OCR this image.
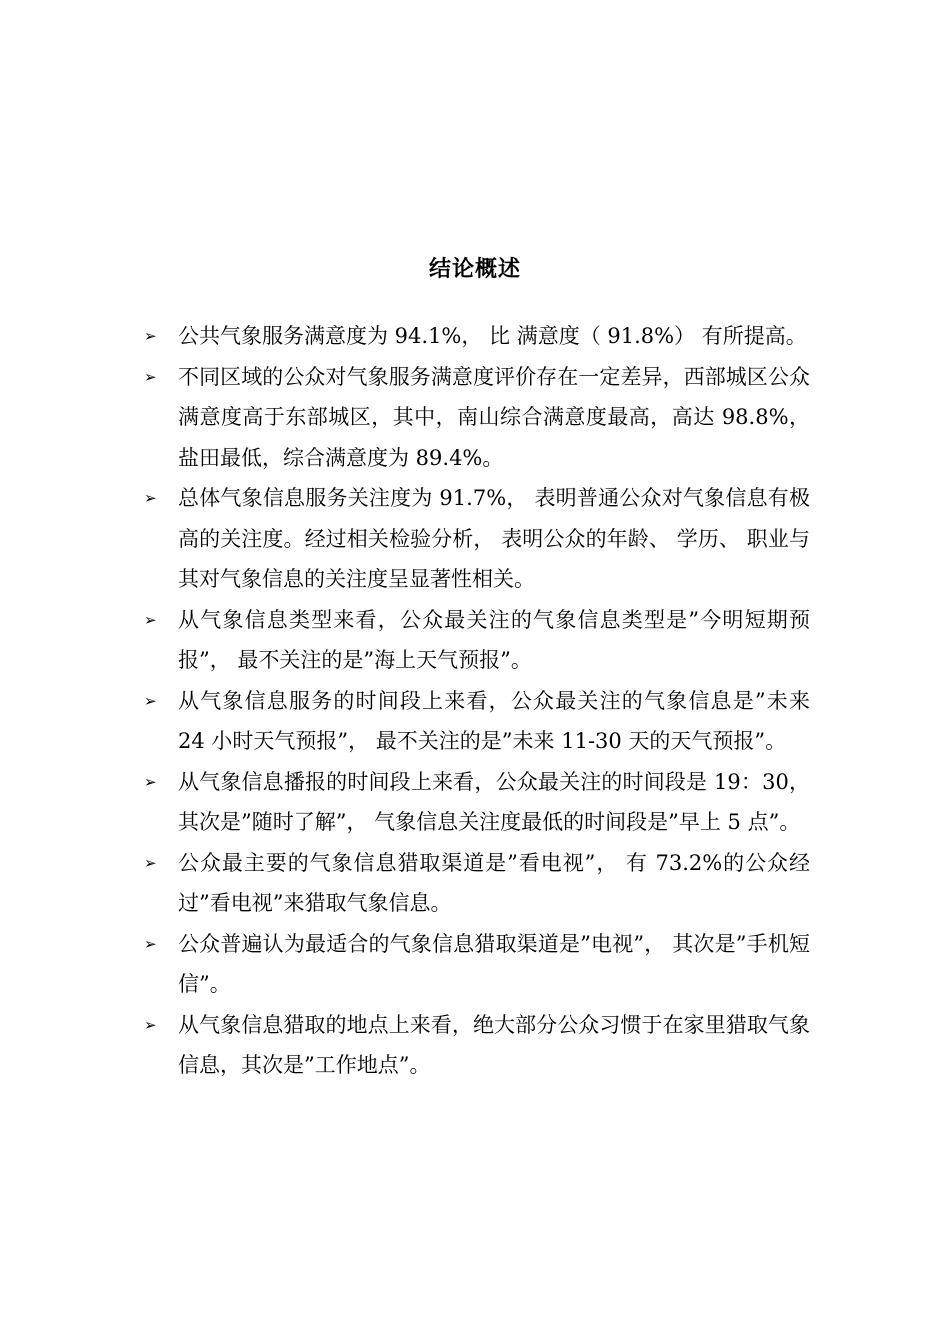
结论概述
➢	公共气象服务满意度为 94.1%， 比 满意度（ 91.8%） 有所提高。
➢	不同区域的公众对气象服务满意度评价存在一定差异，西部城区公众满意度高于东部城区，其中，南山综合满意度最高，高达 98.8%，盐田最低，综合满意度为 89.4%。
➢	总体气象信息服务关注度为 91.7%， 表明普通公众对气象信息有极高的关注度。经过相关检验分析， 表明公众的年龄、 学历、 职业与其对气象信息的关注度呈显著性相关。
➢	从气象信息类型来看，公众最关注的气象信息类型是”今明短期预报”， 最不关注的是”海上天气预报”。
➢	从气象信息服务的时间段上来看，公众最关注的气象信息是”未来 24 小时天气预报”， 最不关注的是”未来 11-30 天的天气预报”。
➢	从气象信息播报的时间段上来看，公众最关注的时间段是 19：30，其次是”随时了解”， 气象信息关注度最低的时间段是”早上 5 点”。
➢	公众最主要的气象信息猎取渠道是”看电视”， 有 73.2%的公众经过”看电视”来猎取气象信息。
➢	公众普遍认为最适合的气象信息猎取渠道是”电视”， 其次是”手机短信”。
➢	从气象信息猎取的地点上来看，绝大部分公众习惯于在家里猎取气象信息，其次是”工作地点”。
